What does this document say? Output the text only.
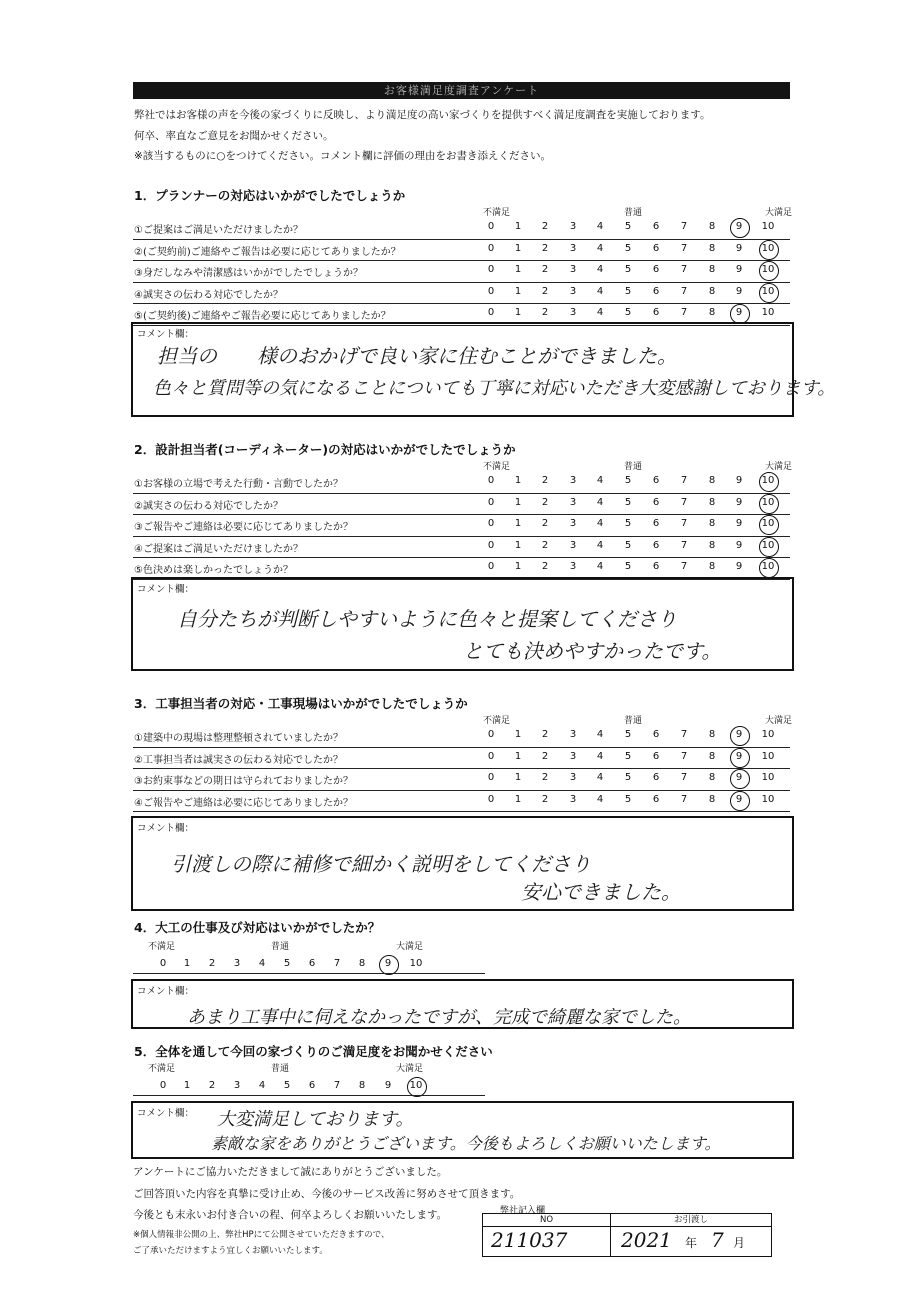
お客様満足度調査アンケート
弊社ではお客様の声を今後の家づくりに反映し、より満足度の高い家づくりを提供すべく満足度調査を実施しております。
何卒、率直なご意見をお聞かせください。
※該当するものに○をつけてください。コメント欄に評価の理由をお書き添えください。
1．プランナーの対応はいかがでしたでしょうか
不満足	普通	大満足
①ご提案はご満足いただけましたか？	0	1	2	3	4	5	6	7	8	9	10
②(ご契約前)ご連絡やご報告は必要に応じてありましたか？	0	1	2	3	4	5	6	7	8	9	10
③身だしなみや清潔感はいかがでしたでしょうか？	0	1	2	3	4	5	6	7	8	9	10
④誠実さの伝わる対応でしたか？	0	1	2	3	4	5	6	7	8	9	10
⑤(ご契約後)ご連絡やご報告必要に応じてありましたか？	0	1	2	3	4	5	6	7	8	9	10
コメント欄：
担当の　　様のおかげで良い家に住むことができました。
色々と質問等の気になることについても丁寧に対応いただき大変感謝しております。
2．設計担当者(コーディネーター)の対応はいかがでしたでしょうか
不満足	普通	大満足
①お客様の立場で考えた行動・言動でしたか？	0	1	2	3	4	5	6	7	8	9	10
②誠実さの伝わる対応でしたか？	0	1	2	3	4	5	6	7	8	9	10
③ご報告やご連絡は必要に応じてありましたか？	0	1	2	3	4	5	6	7	8	9	10
④ご提案はご満足いただけましたか？	0	1	2	3	4	5	6	7	8	9	10
⑤色決めは楽しかったでしょうか？	0	1	2	3	4	5	6	7	8	9	10
コメント欄：
自分たちが判断しやすいように色々と提案してくださり
とても決めやすかったです。
3．工事担当者の対応・工事現場はいかがでしたでしょうか
不満足	普通	大満足
①建築中の現場は整理整頓されていましたか？	0	1	2	3	4	5	6	7	8	9	10
②工事担当者は誠実さの伝わる対応でしたか？	0	1	2	3	4	5	6	7	8	9	10
③お約束事などの期日は守られておりましたか？	0	1	2	3	4	5	6	7	8	9	10
④ご報告やご連絡は必要に応じてありましたか？	0	1	2	3	4	5	6	7	8	9	10
コメント欄：
引渡しの際に補修で細かく説明をしてくださり
安心できました。
4．大工の仕事及び対応はいかがでしたか？
不満足	普通	大満足
0	1	2	3	4	5	6	7	8	9	10
コメント欄：
あまり工事中に伺えなかったですが、完成で綺麗な家でした。
5．全体を通して今回の家づくりのご満足度をお聞かせください
不満足	普通	大満足
0	1	2	3	4	5	6	7	8	9	10
コメント欄： 大変満足しております。
素敵な家をありがとうございます。今後もよろしくお願いいたします。
アンケートにご協力いただきまして誠にありがとうございました。
ご回答頂いた内容を真摯に受け止め、今後のサービス改善に努めさせて頂きます。
今後とも末永いお付き合いの程、何卒よろしくお願いいたします。
※個人情報非公開の上、弊社HPにて公開させていただきますので、
ご了承いただけますよう宜しくお願いいたします。
弊社記入欄
NO	お引渡し
211037	2021 年 7 月
